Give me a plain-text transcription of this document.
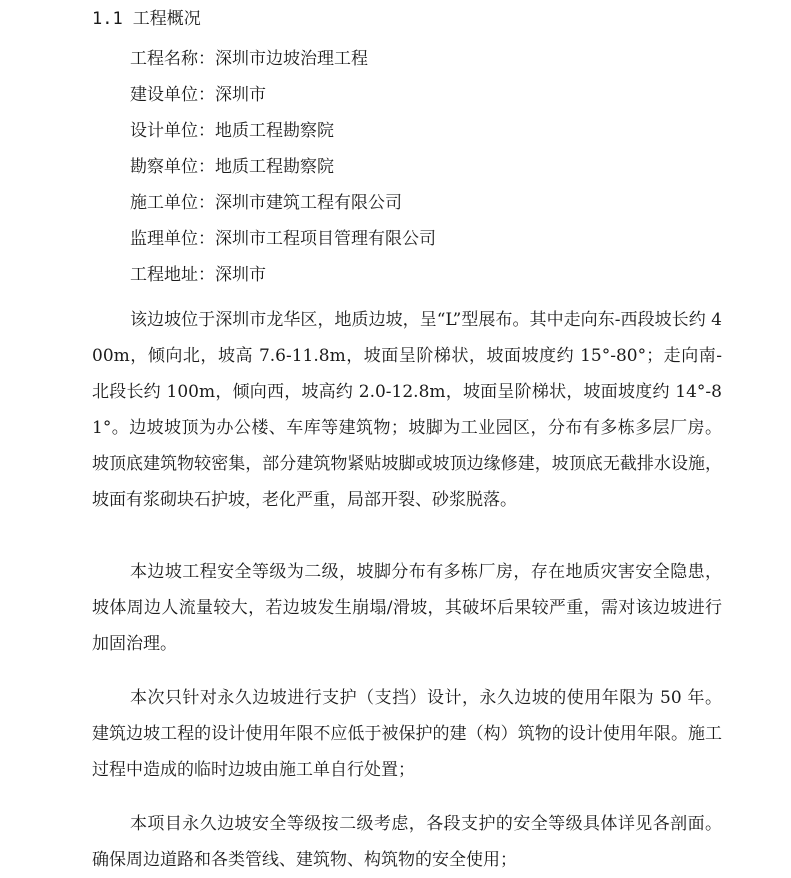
1.1 工程概况
工程名称：深圳市边坡治理工程
建设单位：深圳市
设计单位：地质工程勘察院
勘察单位：地质工程勘察院
施工单位：深圳市建筑工程有限公司
监理单位：深圳市工程项目管理有限公司
工程地址：深圳市

该边坡位于深圳市龙华区，地质边坡，呈“L”型展布。其中走向东-西段坡长约 400m，倾向北，坡高 7.6-11.8m，坡面呈阶梯状，坡面坡度约 15°-80°；走向南-北段长约 100m，倾向西，坡高约 2.0-12.8m，坡面呈阶梯状，坡面坡度约 14°-81°。边坡坡顶为办公楼、车库等建筑物；坡脚为工业园区，分布有多栋多层厂房。坡顶底建筑物较密集，部分建筑物紧贴坡脚或坡顶边缘修建，坡顶底无截排水设施，坡面有浆砌块石护坡，老化严重，局部开裂、砂浆脱落。

本边坡工程安全等级为二级，坡脚分布有多栋厂房，存在地质灾害安全隐患，坡体周边人流量较大，若边坡发生崩塌/滑坡，其破坏后果较严重，需对该边坡进行加固治理。

本次只针对永久边坡进行支护（支挡）设计，永久边坡的使用年限为 50 年。建筑边坡工程的设计使用年限不应低于被保护的建（构）筑物的设计使用年限。施工过程中造成的临时边坡由施工单自行处置；

本项目永久边坡安全等级按二级考虑，各段支护的安全等级具体详见各剖面。确保周边道路和各类管线、建筑物、构筑物的安全使用；
